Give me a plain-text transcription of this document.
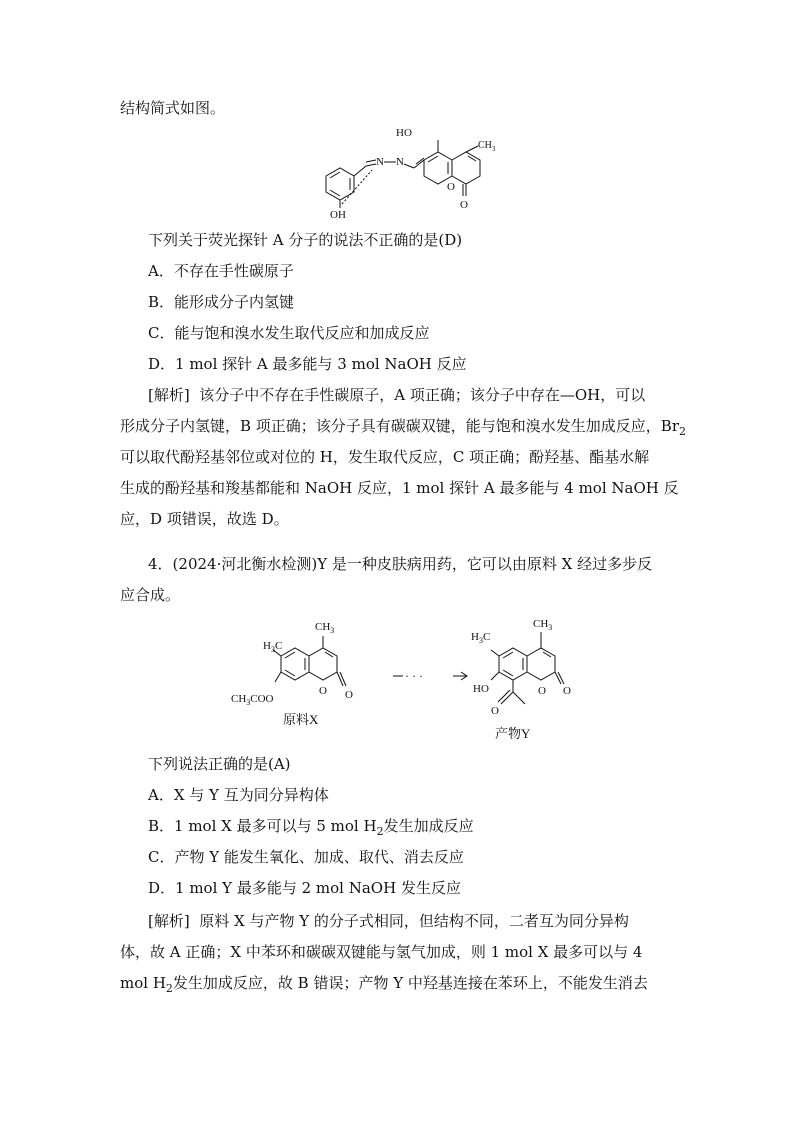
结构简式如图。
HO
OH
N N
$CH_3$
O
O
下列关于荧光探针 A 分子的说法不正确的是(D)
A．不存在手性碳原子
B．能形成分子内氢键
C．能与饱和溴水发生取代反应和加成反应
D．1 mol 探针 A 最多能与 3 mol NaOH 反应
[解析] 该分子中不存在手性碳原子，A 项正确；该分子中存在—OH，可以
形成分子内氢键，B 项正确；该分子具有碳碳双键，能与饱和溴水发生加成反应，$Br_2$
可以取代酚羟基邻位或对位的 H，发生取代反应，C 项正确；酚羟基、酯基水解
生成的酚羟基和羧基都能和 NaOH 反应，1 mol 探针 A 最多能与 4 mol NaOH 反
应，D 项错误，故选 D。
4．(2024·河北衡水检测)Y 是一种皮肤病用药，它可以由原料 X 经过多步反
应合成。
· · ·
$H_3C$
$CH_3$
$CH_3COO$
O O
原料X
$H_3C$
$CH_3$
HO	O O
O
产物Y
下列说法正确的是(A)
A．X 与 Y 互为同分异构体
B．1 mol X 最多可以与 5 mol $H_2$发生加成反应
C．产物 Y 能发生氧化、加成、取代、消去反应
D．1 mol Y 最多能与 2 mol NaOH 发生反应
[解析] 原料 X 与产物 Y 的分子式相同，但结构不同，二者互为同分异构
体，故 A 正确；X 中苯环和碳碳双键能与氢气加成，则 1 mol X 最多可以与 4
mol $H_2$发生加成反应，故 B 错误；产物 Y 中羟基连接在苯环上，不能发生消去
